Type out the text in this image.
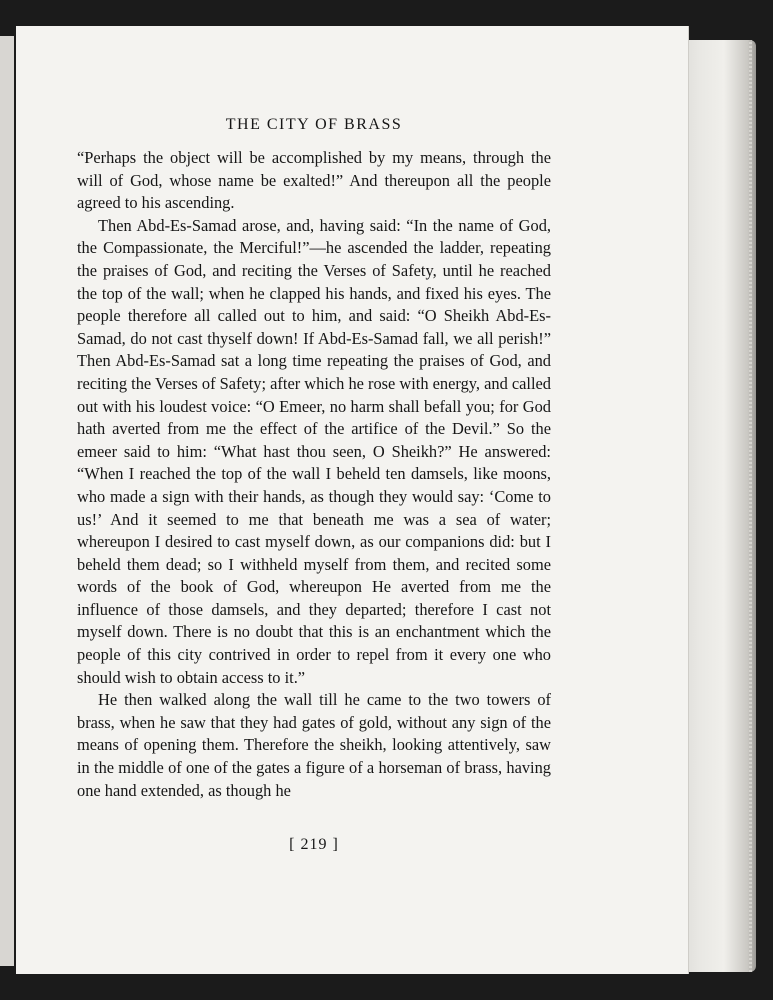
THE CITY OF BRASS

“Perhaps the object will be accomplished by my means, through the will of God, whose name be exalted!” And thereupon all the people agreed to his ascending.

Then Abd-Es-Samad arose, and, having said: “In the name of God, the Compassionate, the Merciful!”—he ascended the ladder, repeating the praises of God, and reciting the Verses of Safety, until he reached the top of the wall; when he clapped his hands, and fixed his eyes. The people therefore all called out to him, and said: “O Sheikh Abd-Es-Samad, do not cast thyself down! If Abd-Es-Samad fall, we all perish!” Then Abd-Es-Samad sat a long time repeating the praises of God, and reciting the Verses of Safety; after which he rose with energy, and called out with his loudest voice: “O Emeer, no harm shall befall you; for God hath averted from me the effect of the artifice of the Devil.” So the emeer said to him: “What hast thou seen, O Sheikh?” He answered: “When I reached the top of the wall I beheld ten damsels, like moons, who made a sign with their hands, as though they would say: ‘Come to us!’ And it seemed to me that beneath me was a sea of water; whereupon I desired to cast myself down, as our companions did: but I beheld them dead; so I withheld myself from them, and recited some words of the book of God, whereupon He averted from me the influence of those damsels, and they departed; therefore I cast not myself down. There is no doubt that this is an enchantment which the people of this city contrived in order to repel from it every one who should wish to obtain access to it.”

He then walked along the wall till he came to the two towers of brass, when he saw that they had gates of gold, without any sign of the means of opening them. Therefore the sheikh, looking attentively, saw in the middle of one of the gates a figure of a horseman of brass, having one hand extended, as though he

[ 219 ]
